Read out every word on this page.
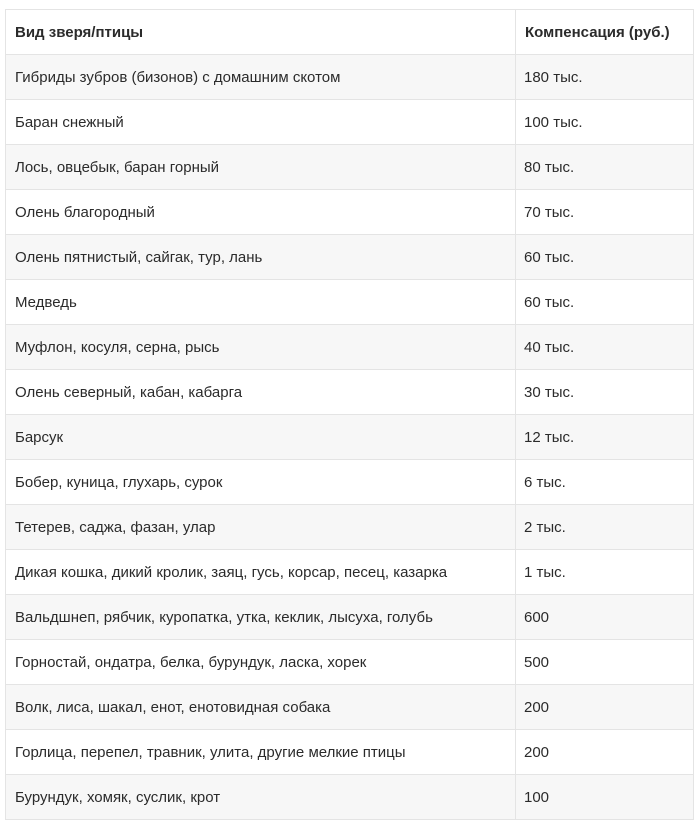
Вид зверя/птицы	Компенсация (руб.)
Гибриды зубров (бизонов) с домашним скотом	180 тыс.
Баран снежный	100 тыс.
Лось, овцебык, баран горный	80 тыс.
Олень благородный	70 тыс.
Олень пятнистый, сайгак, тур, лань	60 тыс.
Медведь	60 тыс.
Муфлон, косуля, серна, рысь	40 тыс.
Олень северный, кабан, кабарга	30 тыс.
Барсук	12 тыс.
Бобер, куница, глухарь, сурок	6 тыс.
Тетерев, саджа, фазан, улар	2 тыс.
Дикая кошка, дикий кролик, заяц, гусь, корсар, песец, казарка	1 тыс.
Вальдшнеп, рябчик, куропатка, утка, кеклик, лысуха, голубь	600
Горностай, ондатра, белка, бурундук, ласка, хорек	500
Волк, лиса, шакал, енот, енотовидная собака	200
Горлица, перепел, травник, улита, другие мелкие птицы	200
Бурундук, хомяк, суслик, крот	100
